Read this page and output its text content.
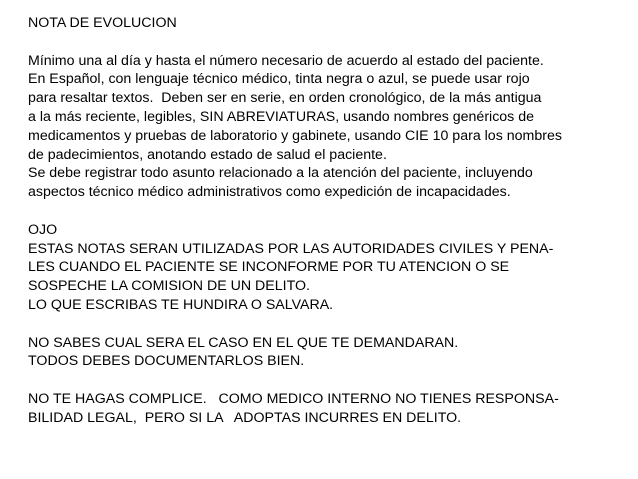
NOTA DE EVOLUCION
Mínimo una al día y hasta el número necesario de acuerdo al estado del paciente.
En Español, con lenguaje técnico médico, tinta negra o azul, se puede usar rojo
para resaltar textos.  Deben ser en serie, en orden cronológico, de la más antigua
a la más reciente, legibles, SIN ABREVIATURAS, usando nombres genéricos de
medicamentos y pruebas de laboratorio y gabinete, usando CIE 10 para los nombres
de padecimientos, anotando estado de salud el paciente.
Se debe registrar todo asunto relacionado a la atención del paciente, incluyendo
aspectos técnico médico administrativos como expedición de incapacidades.
OJO
ESTAS NOTAS SERAN UTILIZADAS POR LAS AUTORIDADES CIVILES Y PENA-
LES CUANDO EL PACIENTE SE INCONFORME POR TU ATENCION O SE
SOSPECHE LA COMISION DE UN DELITO.
LO QUE ESCRIBAS TE HUNDIRA O SALVARA.
NO SABES CUAL SERA EL CASO EN EL QUE TE DEMANDARAN.
TODOS DEBES DOCUMENTARLOS BIEN.
NO TE HAGAS COMPLICE.   COMO MEDICO INTERNO NO TIENES RESPONSA-
BILIDAD LEGAL,  PERO SI LA   ADOPTAS INCURRES EN DELITO.
